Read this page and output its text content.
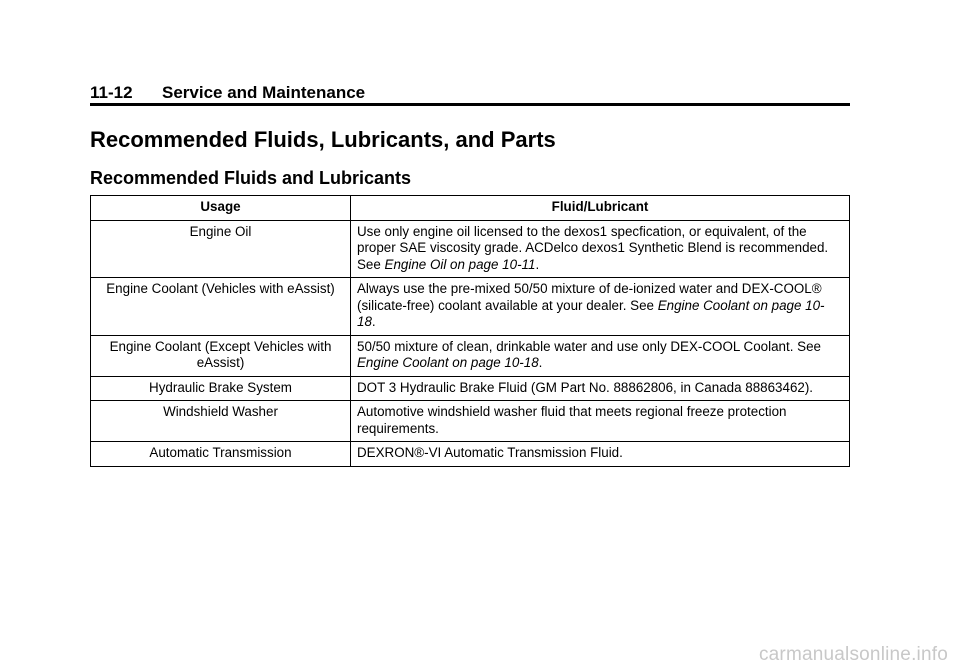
11-12 Service and Maintenance
Recommended Fluids, Lubricants, and Parts
Recommended Fluids and Lubricants
Usage	Fluid/Lubricant
Engine Oil	Use only engine oil licensed to the dexos1 specfication, or equivalent, of the proper SAE viscosity grade. ACDelco dexos1 Synthetic Blend is recommended. See Engine Oil on page 10-11.
Engine Coolant (Vehicles with eAssist)	Always use the pre-mixed 50/50 mixture of de-ionized water and DEX-COOL® (silicate-free) coolant available at your dealer. See Engine Coolant on page 10-18.
Engine Coolant (Except Vehicles with eAssist)	50/50 mixture of clean, drinkable water and use only DEX-COOL Coolant. See Engine Coolant on page 10-18.
Hydraulic Brake System	DOT 3 Hydraulic Brake Fluid (GM Part No. 88862806, in Canada 88863462).
Windshield Washer	Automotive windshield washer fluid that meets regional freeze protection requirements.
Automatic Transmission	DEXRON®-VI Automatic Transmission Fluid.
carmanualsonline.info
